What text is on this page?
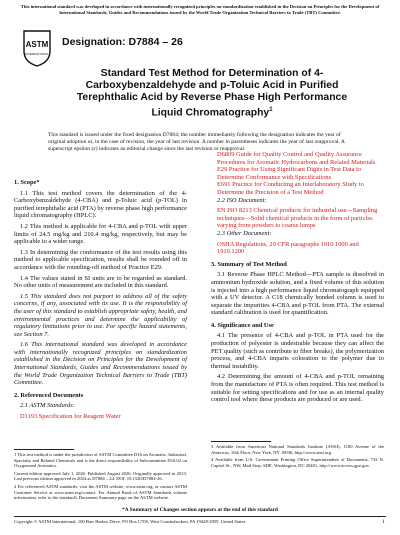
This international standard was developed in accordance with internationally recognized principles on standardization established in the Decision on Principles for the Development of International Standards, Guides and Recommendations issued by the World Trade Organization Technical Barriers to Trade (TBT) Committee.
ASTM
INTERNATIONAL
Designation: D7884 – 26
Standard Test Method for Determination of 4-Carboxybenzaldehyde and p-Toluic Acid in Purified Terephthalic Acid by Reverse Phase High Performance Liquid Chromatography$^1$
This standard is issued under the fixed designation D7884; the number immediately following the designation indicates the year of original adoption or, in the case of revision, the year of last revision. A number in parentheses indicates the year of last reapproval. A superscript epsilon (ε) indicates an editorial change since the last revision or reapproval.
1. Scope*

1.1 This test method covers the determination of the 4-Carboxybenzaldehyde (4-CBA) and p-Toluic acid (p-TOL) in purified terephthalic acid (PTA) by reverse phase high performance liquid chromatography (HPLC).

1.2 This method is applicable for 4-CBA and p-TOL with upper limits of 24.5 mg/kg and 210.4 mg/kg, respectively, but may be applicable to a wider range.

1.3 In determining the conformance of the test results using this method to applicable specification, results shall be rounded off in accordance with the rounding-off method of Practice E29.

1.4 The values stated in SI units are to be regarded as standard. No other units of measurement are included in this standard.

1.5 This standard does not purport to address all of the safety concerns, if any, associated with its use. It is the responsibility of the user of this standard to establish appropriate safety, health, and environmental practices and determine the applicability of regulatory limitations prior to use. For specific hazard statements, see Section 7.

1.6 This international standard was developed in accordance with internationally recognized principles on standardization established in the Decision on Principles for the Development of International Standards, Guides and Recommendations issued by the World Trade Organization Technical Barriers to Trade (TBT) Committee.

2. Referenced Documents

2.1 ASTM Standards:

D1193 Specification for Reagent Water
D6809 Guide for Quality Control and Quality Assurance Procedures for Aromatic Hydrocarbons and Related Materials
E29 Practice for Using Significant Digits in Test Data to Determine Conformance with Specifications
E691 Practice for Conducting an Interlaboratory Study to Determine the Precision of a Test Method

2.2 ISO Document:

EN ISO 8213 Chemical products for industrial use—Sampling techniques—Solid chemical products in the form of particles varying from powders to coarse lumps

2.3 Other Document:

OSHA Regulations, 29 CFR paragraphs 1910.1000 and 1910.1200
3. Summary of Test Method

3.1 Reverse Phase HPLC Method—PTA sample is dissolved in ammonium hydroxide solution, and a fixed volume of this solution is injected into a high performance liquid chromatograph equipped with a UV detector. A C18 chemically bonded column is used to separate the impurities 4-CBA and p-TOL from PTA. The external standard calibration is used for quantification.

4. Significance and Use

4.1 The presence of 4-CBA and p-TOL in PTA used for the production of polyester is undesirable because they can affect the PET quality (such as contribute to fiber breaks), the polymerization process, and 4-CBA imparts coloration to the polymer due to thermal instability.

4.2 Determining the amount of 4-CBA and p-TOL remaining from the manufacture of PTA is often required. This test method is suitable for setting specifications and for use as an internal quality control tool where these products are produced or are used.

1 This test method is under the jurisdiction of ASTM Committee D16 on Aromatic, Industrial, Specialty and Related Chemicals and is the direct responsibility of Subcommittee D16.02 on Oxygenated Aromatics.

Current edition approved July 1, 2026. Published August 2026. Originally approved in 2013. Last previous edition approved in 2024 as D7884 – 24. DOI: 10.1520/D7884-26.

2 For referenced ASTM standards, visit the ASTM website, www.astm.org, or contact ASTM Customer Service at www.astm.org/contact. For Annual Book of ASTM Standards volume information, refer to the standard's Document Summary page on the ASTM website.

3 Available from American National Standards Institute (ANSI), 1180 Avenue of the Americas, 10th Floor, New York, NY 10036, http://www.ansi.org.

4 Available from U.S. Government Printing Office Superintendent of Documents, 732 N. Capitol St., NW, Mail Stop: SDE, Washington, DC 20401, http://www.access.gpo.gov.

*A Summary of Changes section appears at the end of this standard
Copyright © ASTM International, 100 Barr Harbor Drive, PO Box C700, West Conshohocken, PA 19428-2959. United States	1
